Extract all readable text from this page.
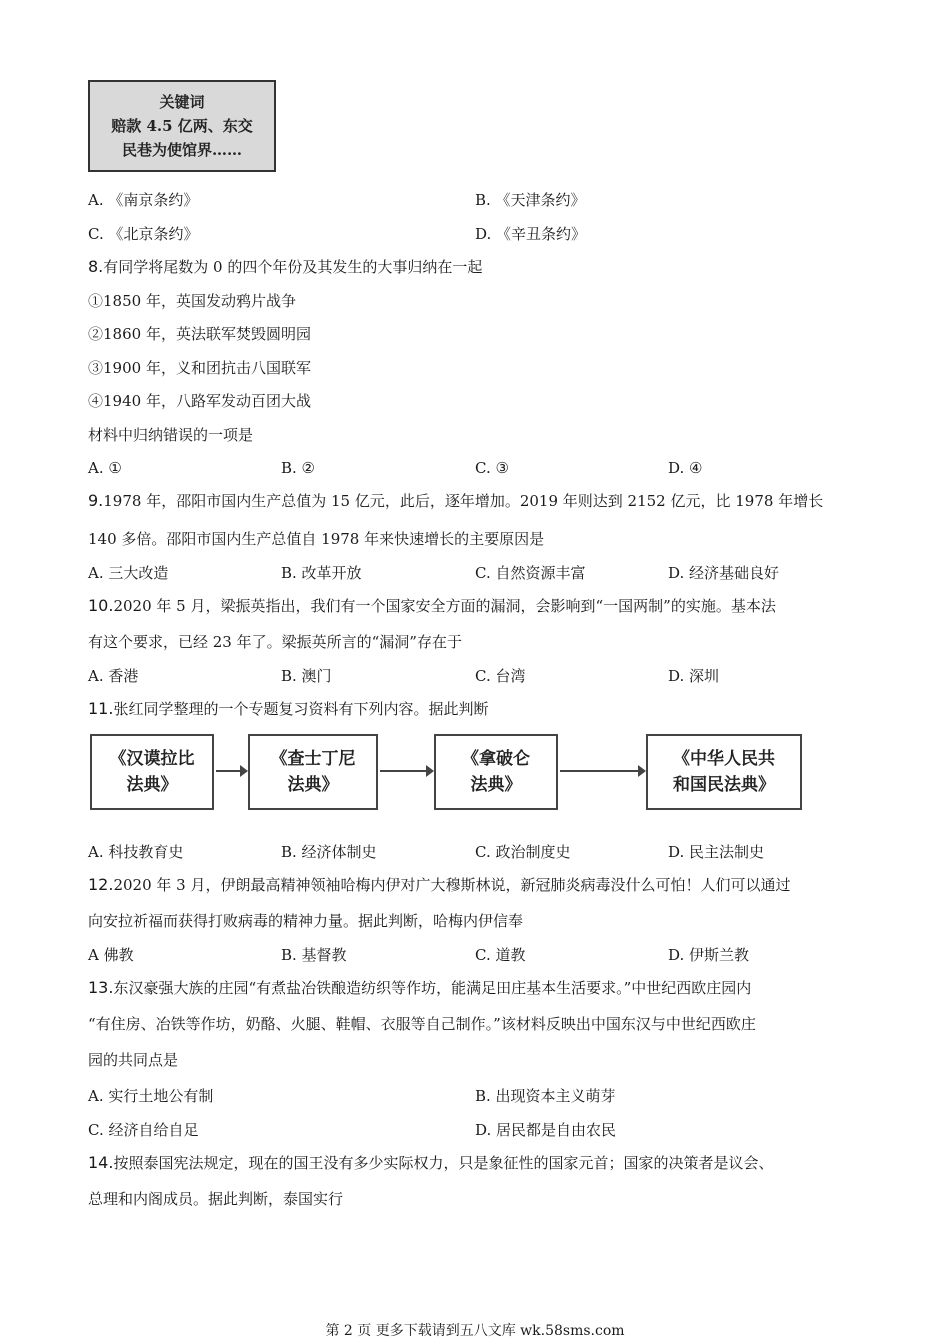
关键词
赔款 4.5 亿两、东交
民巷为使馆界……
A. 《南京条约》	B. 《天津条约》
C. 《北京条约》	D. 《辛丑条约》
8.有同学将尾数为 0 的四个年份及其发生的大事归纳在一起
①1850 年，英国发动鸦片战争
②1860 年，英法联军焚毁圆明园
③1900 年，义和团抗击八国联军
④1940 年，八路军发动百团大战
材料中归纳错误的一项是
A. ①	B. ②	C. ③	D. ④
9.1978 年，邵阳市国内生产总值为 15 亿元，此后，逐年增加。2019 年则达到 2152 亿元，比 1978 年增长
140 多倍。邵阳市国内生产总值自 1978 年来快速增长的主要原因是
A. 三大改造	B. 改革开放	C. 自然资源丰富	D. 经济基础良好
10.2020 年 5 月，梁振英指出，我们有一个国家安全方面的漏洞，会影响到“一国两制”的实施。基本法
有这个要求，已经 23 年了。梁振英所言的“漏洞”存在于
A. 香港	B. 澳门	C. 台湾	D. 深圳
11.张红同学整理的一个专题复习资料有下列内容。据此判断
《汉谟拉比
法典》
《查士丁尼
法典》
《拿破仑
法典》
《中华人民共
和国民法典》
A. 科技教育史	B. 经济体制史	C. 政治制度史	D. 民主法制史
12.2020 年 3 月，伊朗最高精神领袖哈梅内伊对广大穆斯林说，新冠肺炎病毒没什么可怕！人们可以通过
向安拉祈福而获得打败病毒的精神力量。据此判断，哈梅内伊信奉
A 佛教	B. 基督教	C. 道教	D. 伊斯兰教
13.东汉豪强大族的庄园“有煮盐冶铁酿造纺织等作坊，能满足田庄基本生活要求。”中世纪西欧庄园内
“有住房、冶铁等作坊，奶酪、火腿、鞋帽、衣服等自己制作。”该材料反映出中国东汉与中世纪西欧庄
园的共同点是
A. 实行土地公有制	B. 出现资本主义萌芽
C. 经济自给自足	D. 居民都是自由农民
14.按照泰国宪法规定，现在的国王没有多少实际权力，只是象征性的国家元首；国家的决策者是议会、
总理和内阁成员。据此判断，泰国实行
第 2 页 更多下载请到五八文库 wk.58sms.com
